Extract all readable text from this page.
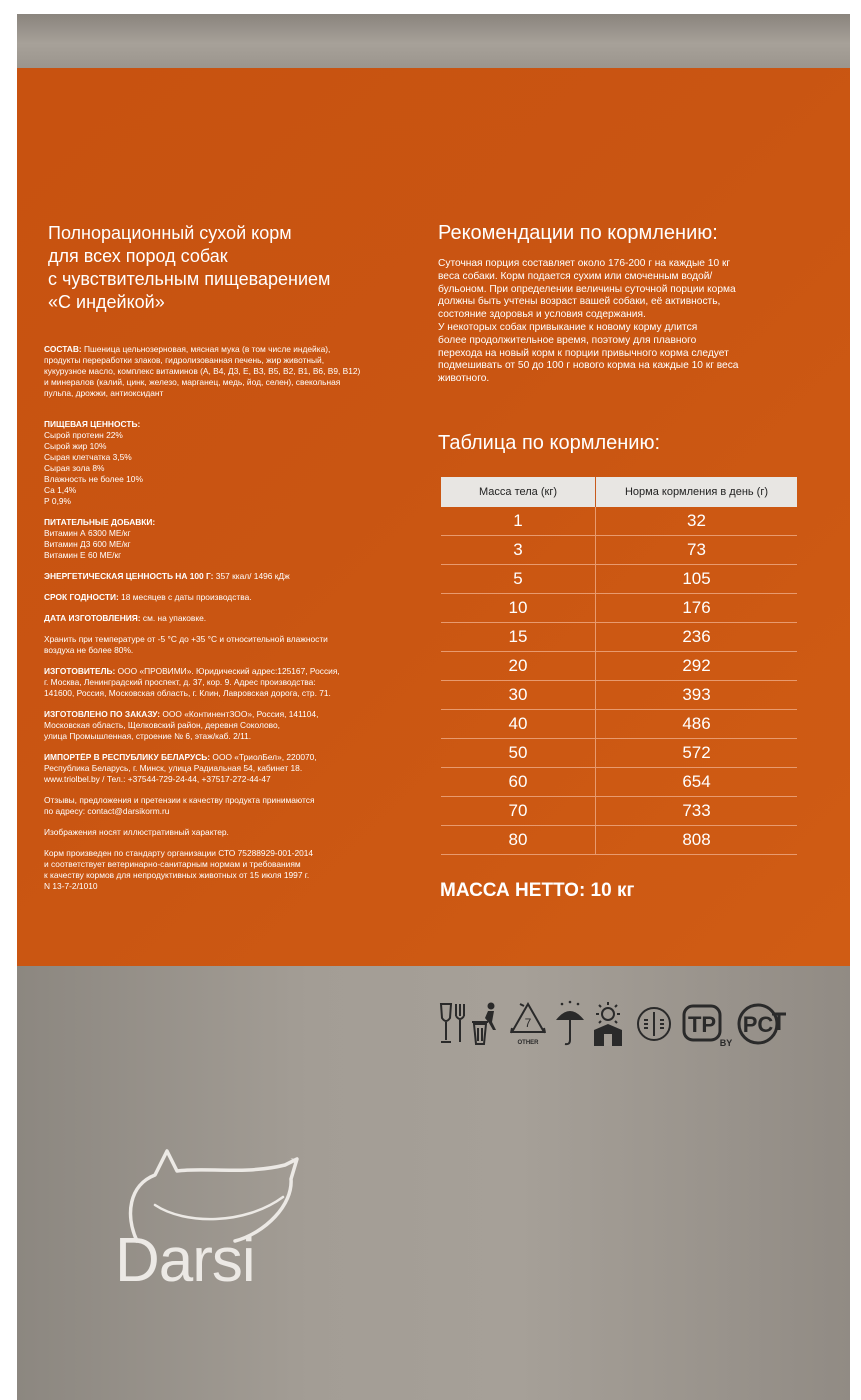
Полнорационный сухой корм
для всех пород собак
с чувствительным пищеварением
«С индейкой»

СОСТАВ: Пшеница цельнозерновая, мясная мука (в том числе индейка),
продукты переработки злаков, гидролизованная печень, жир животный,
кукурузное масло, комплекс витаминов (А, В4, Д3, Е, В3, В5, В2, В1, В6, В9, В12)
и минералов (калий, цинк, железо, марганец, медь, йод, селен), свекольная
пульпа, дрожжи, антиоксидант

ПИЩЕВАЯ ЦЕННОСТЬ:
Сырой протеин 22%
Сырой жир 10%
Сырая клетчатка 3,5%
Сырая зола 8%
Влажность не более 10%
Са 1,4%
Р 0,9%
ПИТАТЕЛЬНЫЕ ДОБАВКИ:
Витамин А 6300 МЕ/кг
Витамин Д3 600 МЕ/кг
Витамин Е 60 МЕ/кг
ЭНЕРГЕТИЧЕСКАЯ ЦЕННОСТЬ НА 100 Г: 357 ккал/ 1496 кДж
СРОК ГОДНОСТИ: 18 месяцев с даты производства.
ДАТА ИЗГОТОВЛЕНИЯ: см. на упаковке.
Хранить при температуре от -5 °С до +35 °С и относительной влажности
воздуха не более 80%.
ИЗГОТОВИТЕЛЬ: ООО «ПРОВИМИ». Юридический адрес:125167, Россия,
г. Москва, Ленинградский проспект, д. 37, кор. 9. Адрес производства:
141600, Россия, Московская область, г. Клин, Лавровская дорога, стр. 71.
ИЗГОТОВЛЕНО ПО ЗАКАЗУ: ООО «КонтинентЗОО», Россия, 141104,
Московская область, Щелковский район, деревня Соколово,
улица Промышленная, строение № 6, этаж/каб. 2/11.
ИМПОРТЁР В РЕСПУБЛИКУ БЕЛАРУСЬ: ООО «ТриолБел», 220070,
Республика Беларусь, г. Минск, улица Радиальная 54, кабинет 18.
www.triolbel.by / Тел.: +37544-729-24-44, +37517-272-44-47
Отзывы, предложения и претензии к качеству продукта принимаются
по адресу: contact@darsikorm.ru
Изображения носят иллюстративный характер.
Корм произведен по стандарту организации СТО 75288929-001-2014
и соответствует ветеринарно-санитарным нормам и требованиям
к качеству кормов для непродуктивных животных от 15 июля 1997 г.
N 13-7-2/1010
Рекомендации по кормлению:
Суточная порция составляет около 176-200 г на каждые 10 кг
веса собаки. Корм подается сухим или смоченным водой/
бульоном. При определении величины суточной порции корма
должны быть учтены возраст вашей собаки, её активность,
состояние здоровья и условия содержания.
У некоторых собак привыкание к новому корму длится
более продолжительное время, поэтому для плавного
перехода на новый корм к порции привычного корма следует
подмешивать от 50 до 100 г нового корма на каждые 10 кг веса
животного.
Таблица по кормлению:
Масса тела (кг)	Норма кормления в день (г)
1	32
3	73
5	105
10	176
15	236
20	292
30	393
40	486
50	572
60	654
70	733
80	808
МАССА НЕТТО: 10 кг
7
OTHER
TP
BY
PC
™
Darsi
